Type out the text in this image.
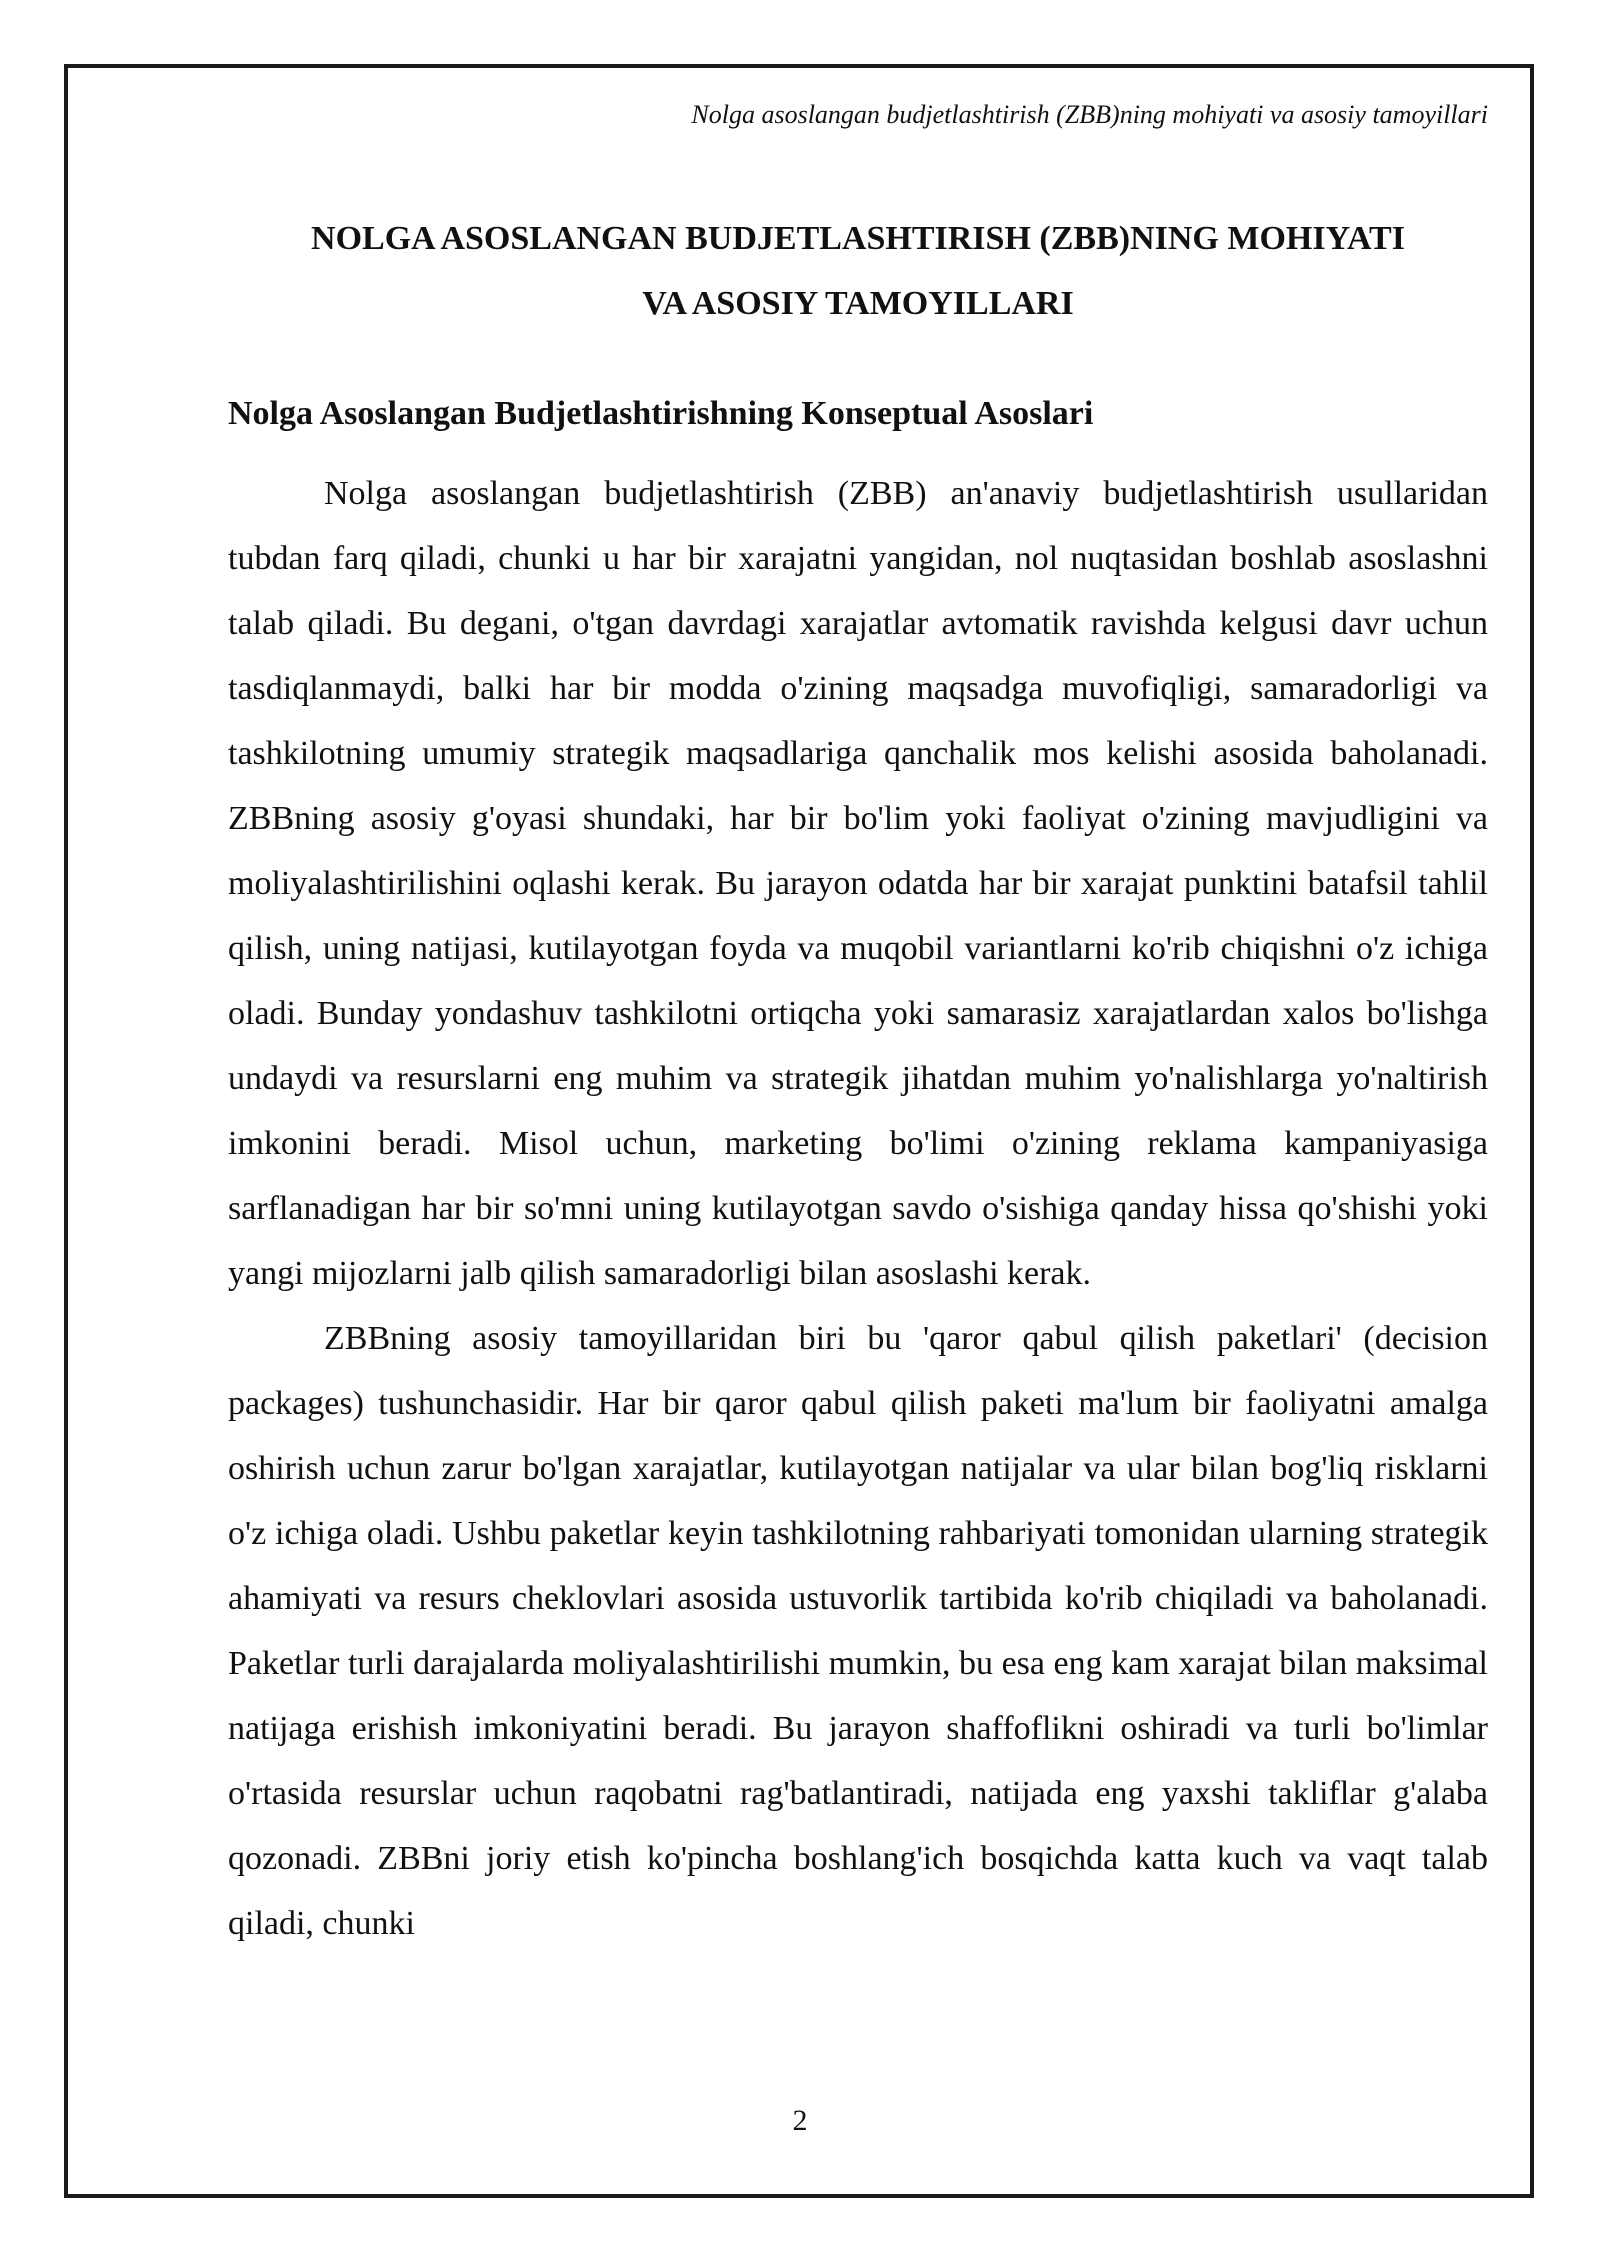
Nolga asoslangan budjetlashtirish (ZBB)ning mohiyati va asosiy tamoyillari
NOLGA ASOSLANGAN BUDJETLASHTIRISH (ZBB)NING MOHIYATI
VA ASOSIY TAMOYILLARI
Nolga Asoslangan Budjetlashtirishning Konseptual Asoslari

Nolga asoslangan budjetlashtirish (ZBB) an'anaviy budjetlashtirish usullaridan tubdan farq qiladi, chunki u har bir xarajatni yangidan, nol nuqtasidan boshlab asoslashni talab qiladi. Bu degani, o'tgan davrdagi xarajatlar avtomatik ravishda kelgusi davr uchun tasdiqlanmaydi, balki har bir modda o'zining maqsadga muvofiqligi, samaradorligi va tashkilotning umumiy strategik maqsadlariga qanchalik mos kelishi asosida baholanadi. ZBBning asosiy g'oyasi shundaki, har bir bo'lim yoki faoliyat o'zining mavjudligini va moliyalashtirilishini oqlashi kerak. Bu jarayon odatda har bir xarajat punktini batafsil tahlil qilish, uning natijasi, kutilayotgan foyda va muqobil variantlarni ko'rib chiqishni o'z ichiga oladi. Bunday yondashuv tashkilotni ortiqcha yoki samarasiz xarajatlardan xalos bo'lishga undaydi va resurslarni eng muhim va strategik jihatdan muhim yo'nalishlarga yo'naltirish imkonini beradi. Misol uchun, marketing bo'limi o'zining reklama kampaniyasiga sarflanadigan har bir so'mni uning kutilayotgan savdo o'sishiga qanday hissa qo'shishi yoki yangi mijozlarni jalb qilish samaradorligi bilan asoslashi kerak.

ZBBning asosiy tamoyillaridan biri bu 'qaror qabul qilish paketlari' (decision packages) tushunchasidir. Har bir qaror qabul qilish paketi ma'lum bir faoliyatni amalga oshirish uchun zarur bo'lgan xarajatlar, kutilayotgan natijalar va ular bilan bog'liq risklarni o'z ichiga oladi. Ushbu paketlar keyin tashkilotning rahbariyati tomonidan ularning strategik ahamiyati va resurs cheklovlari asosida ustuvorlik tartibida ko'rib chiqiladi va baholanadi. Paketlar turli darajalarda moliyalashtirilishi mumkin, bu esa eng kam xarajat bilan maksimal natijaga erishish imkoniyatini beradi. Bu jarayon shaffoflikni oshiradi va turli bo'limlar o'rtasida resurslar uchun raqobatni rag'batlantiradi, natijada eng yaxshi takliflar g'alaba qozonadi. ZBBni joriy etish ko'pincha boshlang'ich bosqichda katta kuch va vaqt talab qiladi, chunki

2
